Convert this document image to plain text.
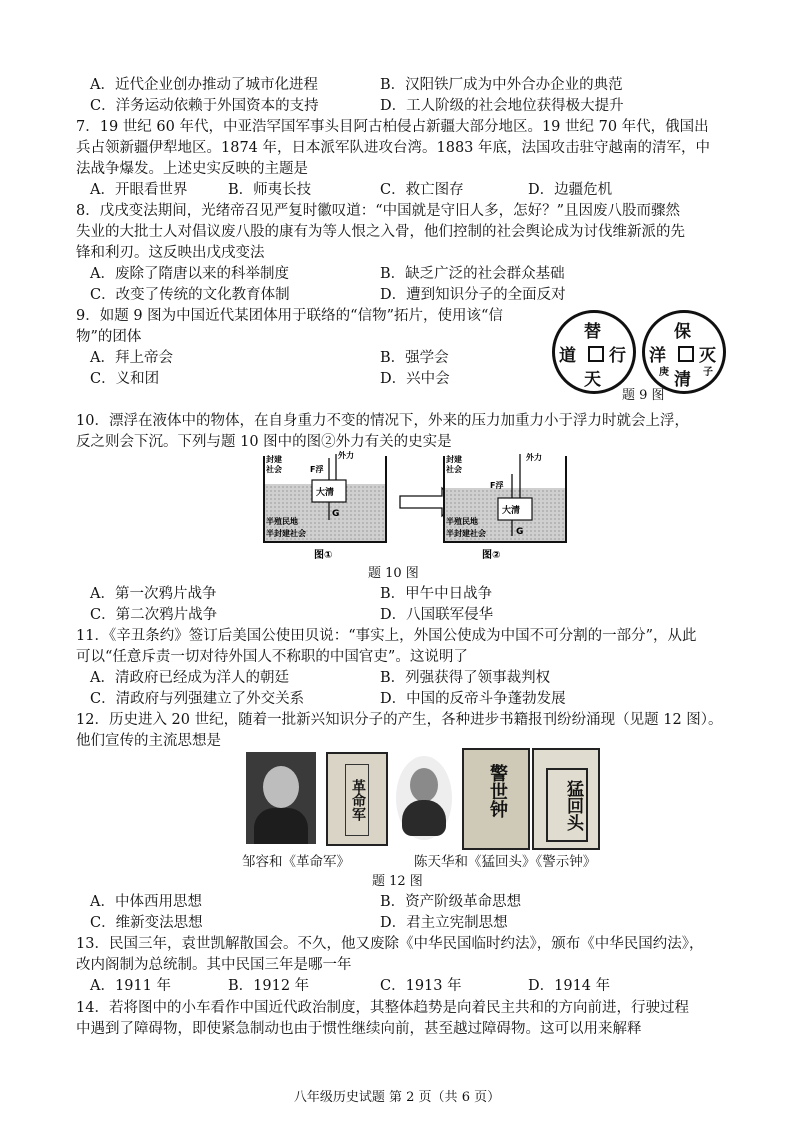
A．近代企业创办推动了城市化进程	B．汉阳铁厂成为中外合办企业的典范
C．洋务运动依赖于外国资本的支持	D．工人阶级的社会地位获得极大提升
7．19 世纪 60 年代，中亚浩罕国军事头目阿古柏侵占新疆大部分地区。19 世纪 70 年代，俄国出
兵占领新疆伊犁地区。1874 年，日本派军队进攻台湾。1883 年底，法国攻击驻守越南的清军，中
法战争爆发。上述史实反映的主题是
A．开眼看世界	B．师夷长技	C．救亡图存	D．边疆危机
8．戊戌变法期间，光绪帝召见严复时徽叹道：“中国就是守旧人多，怎好？”且因废八股而骤然
失业的大批士人对倡议废八股的康有为等人恨之入骨，他们控制的社会舆论成为讨伐维新派的先
锋和利刃。这反映出戊戌变法
A．废除了隋唐以来的科举制度	B．缺乏广泛的社会群众基础
C．改变了传统的文化教育体制	D．遭到知识分子的全面反对
9．如题 9 图为中国近代某团体用于联络的“信物”拓片，使用该“信
物”的团体
A．拜上帝会	B．强学会
C．义和团	D．兴中会
替
道 行
天
保
洋 灭
清
庚	子
题 9 图
10．漂浮在液体中的物体，在自身重力不变的情况下，外来的压力加重力小于浮力时就会上浮，
反之则会下沉。下列与题 10 图中的图②外力有关的史实是
封建
社会
半殖民地
半封建社会
大清
F浮
外力
G
封建
社会
半殖民地
半封建社会
大清
F浮
外力
G
图①	图②
题 10 图
A．第一次鸦片战争	B．甲午中日战争
C．第二次鸦片战争	D．八国联军侵华
11．《辛丑条约》签订后美国公使田贝说：“事实上，外国公使成为中国不可分割的一部分”，从此
可以“任意斥责一切对待外国人不称职的中国官吏”。这说明了
A．清政府已经成为洋人的朝廷	B．列强获得了领事裁判权
C．清政府与列强建立了外交关系	D．中国的反帝斗争蓬勃发展
12．历史进入 20 世纪，随着一批新兴知识分子的产生，各种进步书籍报刊纷纷涌现（见题 12 图）。
他们宣传的主流思想是
革命军	警世钟	猛回头
邹容和《革命军》	陈天华和《猛回头》《警示钟》
题 12 图
A．中体西用思想	B．资产阶级革命思想
C．维新变法思想	D．君主立宪制思想
13．民国三年，袁世凯解散国会。不久，他又废除《中华民国临时约法》，颁布《中华民国约法》，
改内阁制为总统制。其中民国三年是哪一年
A．1911 年	B．1912 年	C．1913 年	D．1914 年
14．若将图中的小车看作中国近代政治制度，其整体趋势是向着民主共和的方向前进，行驶过程
中遇到了障碍物，即使紧急制动也由于惯性继续向前，甚至越过障碍物。这可以用来解释
八年级历史试题 第 2 页（共 6 页）
